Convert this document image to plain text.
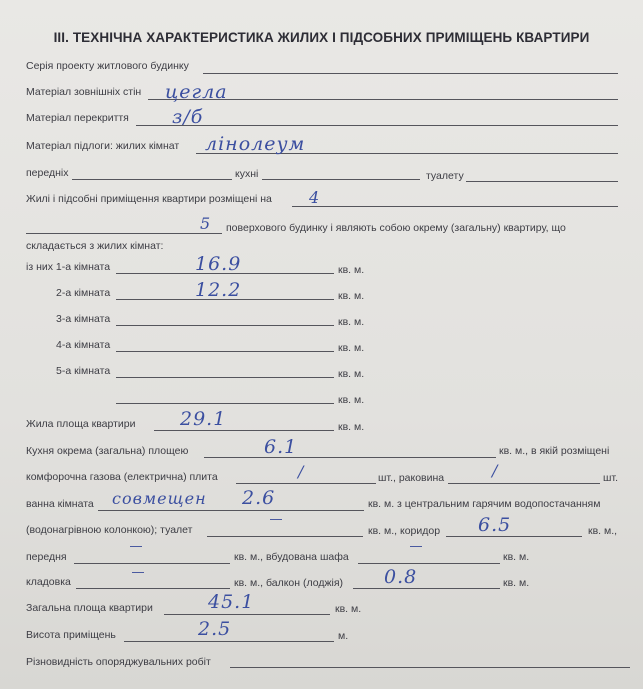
III. ТЕХНІЧНА ХАРАКТЕРИСТИКА ЖИЛИХ І ПІДСОБНИХ ПРИМІЩЕНЬ КВАРТИРИ
Серія проекту житлового будинку
Матеріал зовнішніх стін цегла
Матеріал перекриття з/б
Матеріал підлоги: жилих кімнат лінолеум
передніх	кухні	туалету
Жилі і підсобні приміщення квартири розміщені на 4
5 поверхового будинку і являють собою окрему (загальну) квартиру, що
складається з жилих кімнат:
із них 1-а кімната	16.9	кв. м.
2-а кімната	12.2	кв. м.
3-а кімната	кв. м.
4-а кімната	кв. м.
5-а кімната	кв. м.
кв. м.
Жила площа квартири 29.1	кв. м.
Кухня окрема (загальна) площею	6.1	кв. м., в якій розміщені
комфорочна газова (електрична) плита	/	шт., раковина	/	шт.
ванна кімната совмещен 2.6	кв. м. з центральним гарячим водопостачанням
(водонагрівною колонкою); туалет	кв. м., коридор 6.5	кв. м.,
передня	кв. м., вбудована шафа	кв. м.
кладовка	кв. м., балкон (лоджія) 0.8	кв. м.
Загальна площа квартири	45.1	кв. м.
Висота приміщень	2.5	м.
Різновидність опоряджувальних робіт
